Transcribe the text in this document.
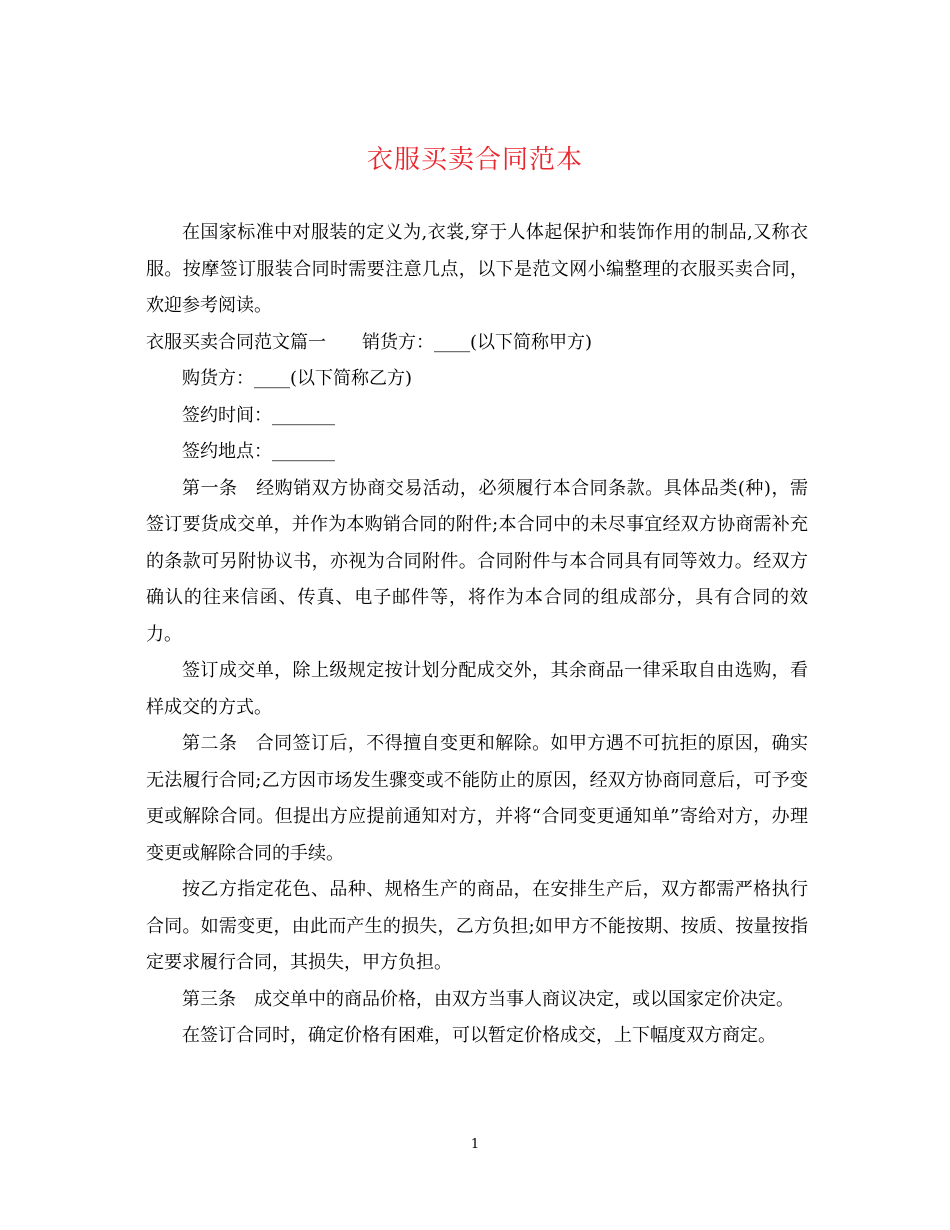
衣服买卖合同范本

在国家标准中对服装的定义为,衣裳,穿于人体起保护和装饰作用的制品,又称衣服。按摩签订服装合同时需要注意几点，以下是范文网小编整理的衣服买卖合同，欢迎参考阅读。

衣服买卖合同范文篇一 销货方：____(以下简称甲方)

购货方：____(以下简称乙方)

签约时间：_______

签约地点：_______

第一条 经购销双方协商交易活动，必须履行本合同条款。具体品类(种)，需签订要货成交单，并作为本购销合同的附件;本合同中的未尽事宜经双方协商需补充的条款可另附协议书，亦视为合同附件。合同附件与本合同具有同等效力。经双方确认的往来信函、传真、电子邮件等，将作为本合同的组成部分，具有合同的效力。

签订成交单，除上级规定按计划分配成交外，其余商品一律采取自由选购，看样成交的方式。

第二条 合同签订后，不得擅自变更和解除。如甲方遇不可抗拒的原因，确实无法履行合同;乙方因市场发生骤变或不能防止的原因，经双方协商同意后，可予变更或解除合同。但提出方应提前通知对方，并将“合同变更通知单”寄给对方，办理变更或解除合同的手续。

按乙方指定花色、品种、规格生产的商品，在安排生产后，双方都需严格执行合同。如需变更，由此而产生的损失，乙方负担;如甲方不能按期、按质、按量按指定要求履行合同，其损失，甲方负担。

第三条 成交单中的商品价格，由双方当事人商议决定，或以国家定价决定。

在签订合同时，确定价格有困难，可以暂定价格成交，上下幅度双方商定。

1
